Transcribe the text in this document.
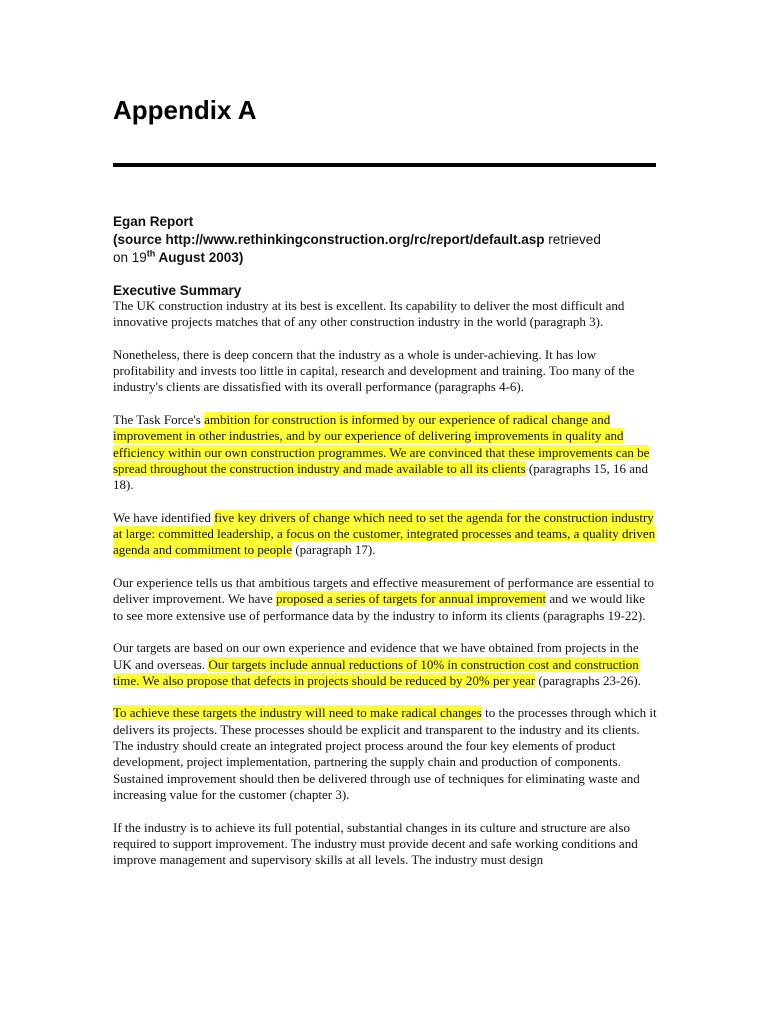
Appendix A
Egan Report
(source http://www.rethinkingconstruction.org/rc/report/default.asp retrieved
on 19th August 2003)
Executive Summary

The UK construction industry at its best is excellent. Its capability to deliver the most difficult and innovative projects matches that of any other construction industry in the world (paragraph 3).

Nonetheless, there is deep concern that the industry as a whole is under-achieving. It has low profitability and invests too little in capital, research and development and training. Too many of the industry's clients are dissatisfied with its overall performance (paragraphs 4-6).

The Task Force's ambition for construction is informed by our experience of radical change and improvement in other industries, and by our experience of delivering improvements in quality and efficiency within our own construction programmes. We are convinced that these improvements can be spread throughout the construction industry and made available to all its clients (paragraphs 15, 16 and 18).

We have identified five key drivers of change which need to set the agenda for the construction industry at large: committed leadership, a focus on the customer, integrated processes and teams, a quality driven agenda and commitment to people (paragraph 17).

Our experience tells us that ambitious targets and effective measurement of performance are essential to deliver improvement. We have proposed a series of targets for annual improvement and we would like to see more extensive use of performance data by the industry to inform its clients (paragraphs 19-22).

Our targets are based on our own experience and evidence that we have obtained from projects in the UK and overseas. Our targets include annual reductions of 10% in construction cost and construction time. We also propose that defects in projects should be reduced by 20% per year (paragraphs 23-26).

To achieve these targets the industry will need to make radical changes to the processes through which it delivers its projects. These processes should be explicit and transparent to the industry and its clients. The industry should create an integrated project process around the four key elements of product development, project implementation, partnering the supply chain and production of components. Sustained improvement should then be delivered through use of techniques for eliminating waste and increasing value for the customer (chapter 3).

If the industry is to achieve its full potential, substantial changes in its culture and structure are also required to support improvement. The industry must provide decent and safe working conditions and improve management and supervisory skills at all levels. The industry must design
